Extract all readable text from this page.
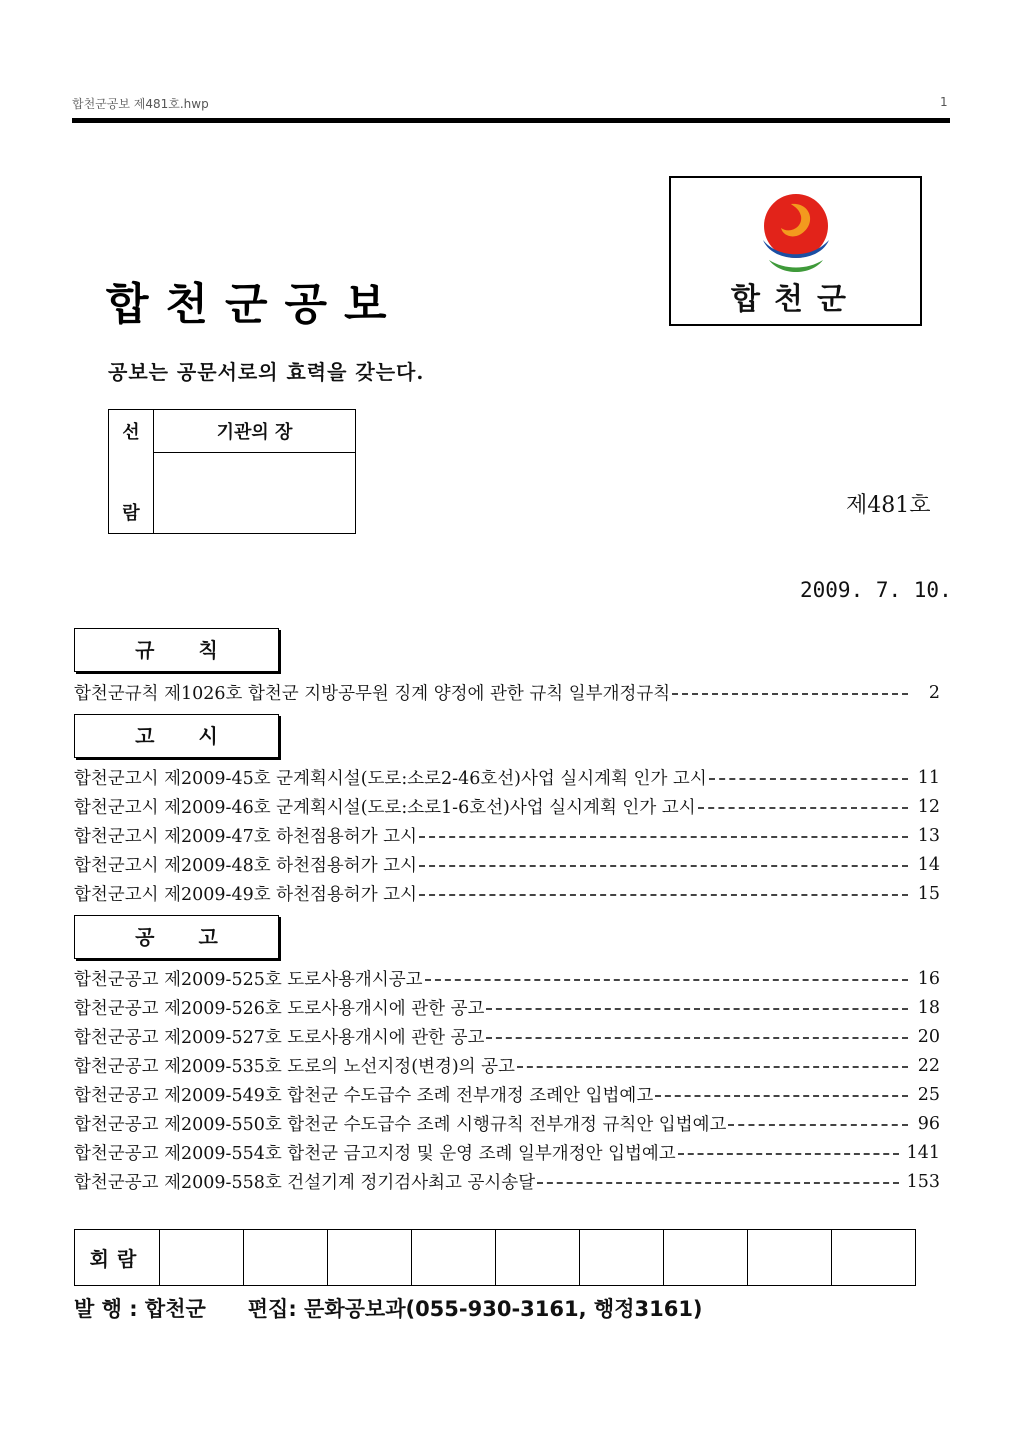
합천군공보 제481호.hwp	1
합천군공보
공보는 공문서로의 효력을 갖는다.
합천군
선	기관의 장
람		제481호
2009. 7. 10.
규칙
합천군규칙 제1026호 합천군 지방공무원 징계 양정에 관한 규칙 일부개정규칙	2
고시
합천군고시 제2009-45호 군계획시설(도로:소로2-46호선)사업 실시계획 인가 고시	11
합천군고시 제2009-46호 군계획시설(도로:소로1-6호선)사업 실시계획 인가 고시	12
합천군고시 제2009-47호 하천점용허가 고시	13
합천군고시 제2009-48호 하천점용허가 고시	14
합천군고시 제2009-49호 하천점용허가 고시	15
공고
합천군공고 제2009-525호 도로사용개시공고	16
합천군공고 제2009-526호 도로사용개시에 관한 공고	18
합천군공고 제2009-527호 도로사용개시에 관한 공고	20
합천군공고 제2009-535호 도로의 노선지정(변경)의 공고	22
합천군공고 제2009-549호 합천군 수도급수 조례 전부개정 조례안 입법예고	25
합천군공고 제2009-550호 합천군 수도급수 조례 시행규칙 전부개정 규칙안 입법예고	96
합천군공고 제2009-554호 합천군 금고지정 및 운영 조례 일부개정안 입법예고	141
합천군공고 제2009-558호 건설기계 정기검사최고 공시송달	153
회람									
발 행 : 합천군 편집: 문화공보과(055-930-3161, 행정3161)
